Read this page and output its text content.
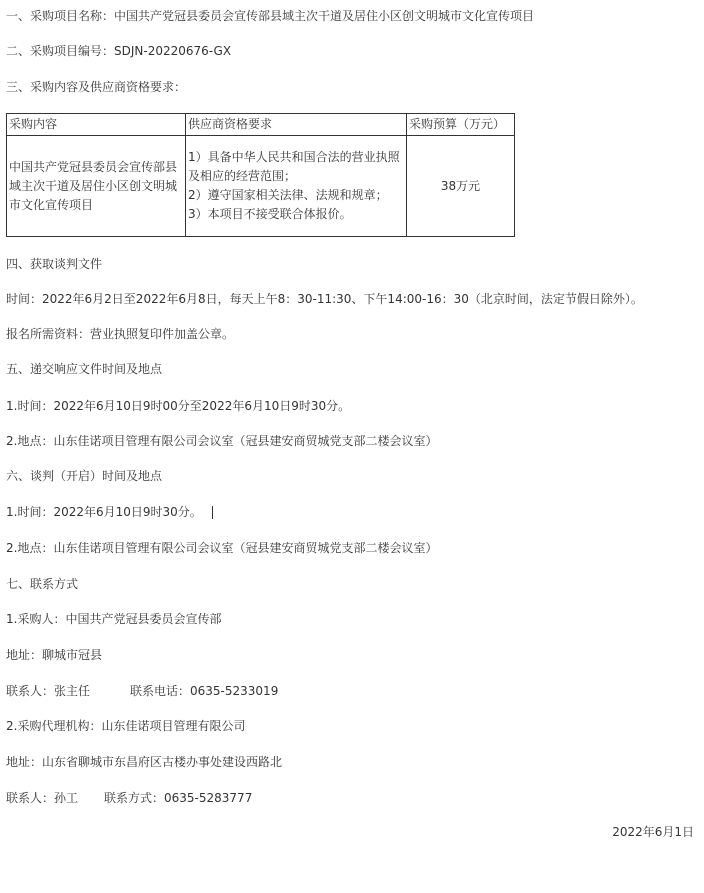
一、采购项目名称：中国共产党冠县委员会宣传部县域主次干道及居住小区创文明城市文化宣传项目
二、采购项目编号：SDJN-20220676-GX
三、采购内容及供应商资格要求：
采购内容	供应商资格要求	采购预算（万元）
中国共产党冠县委员会宣传部县域主次干道及居住小区创文明城市文化宣传项目	1）具备中华人民共和国合法的营业执照及相应的经营范围；
2）遵守国家相关法律、法规和规章；
3）本项目不接受联合体报价。	38万元
四、获取谈判文件
时间：2022年6月2日至2022年6月8日，每天上午8：30-11:30、下午14:00-16：30（北京时间，法定节假日除外）。
报名所需资料：营业执照复印件加盖公章。
五、递交响应文件时间及地点
1.时间：2022年6月10日9时00分至2022年6月10日9时30分。
2.地点：山东佳诺项目管理有限公司会议室（冠县建安商贸城党支部二楼会议室）
六、谈判（开启）时间及地点
1.时间：2022年6月10日9时30分。
2.地点：山东佳诺项目管理有限公司会议室（冠县建安商贸城党支部二楼会议室）
七、联系方式
1.采购人：中国共产党冠县委员会宣传部
地址：聊城市冠县
联系人：张主任	联系电话：0635-5233019
2.采购代理机构：山东佳诺项目管理有限公司
地址：山东省聊城市东昌府区古楼办事处建设西路北
联系人：孙工 联系方式：0635-5283777
2022年6月1日
